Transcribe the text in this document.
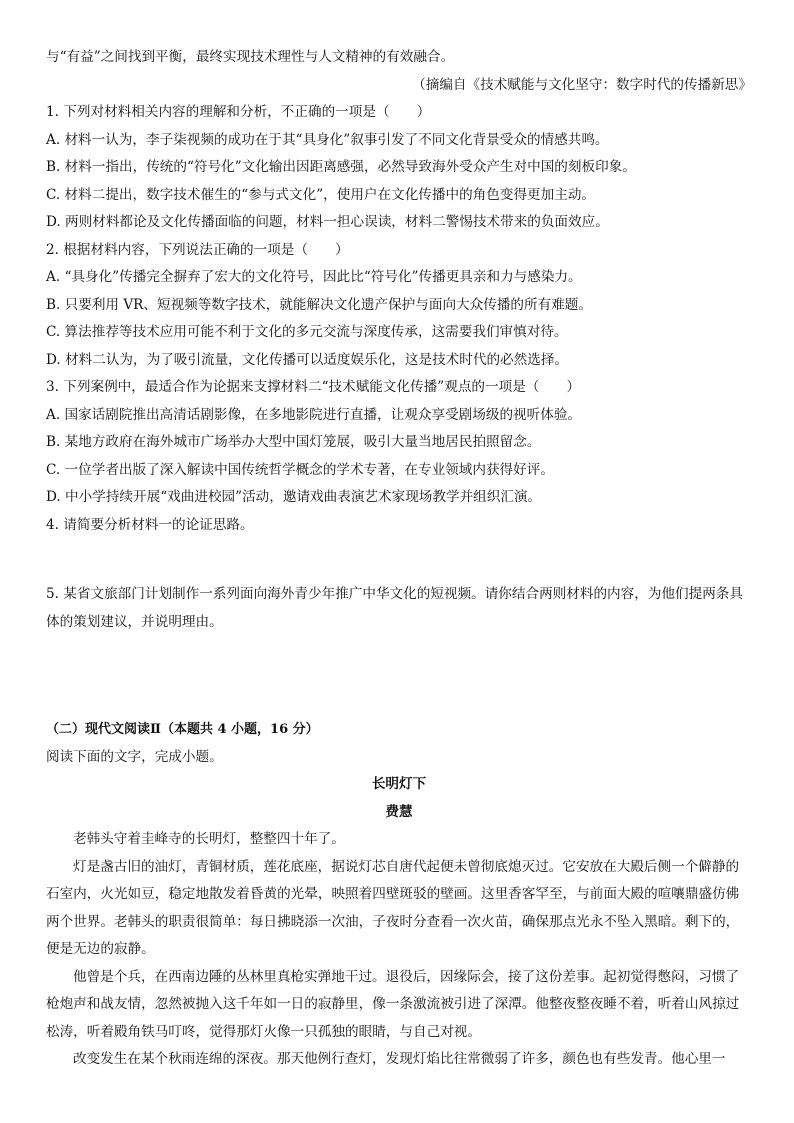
与“有益”之间找到平衡，最终实现技术理性与人文精神的有效融合。
（摘编自《技术赋能与文化坚守：数字时代的传播新思》
1. 下列对材料相关内容的理解和分析，不正确的一项是（　　）
A. 材料一认为，李子柒视频的成功在于其“具身化”叙事引发了不同文化背景受众的情感共鸣。
B. 材料一指出，传统的“符号化”文化输出因距离感强，必然导致海外受众产生对中国的刻板印象。
C. 材料二提出，数字技术催生的“参与式文化”，使用户在文化传播中的角色变得更加主动。
D. 两则材料都论及文化传播面临的问题，材料一担心误读，材料二警惕技术带来的负面效应。
2. 根据材料内容，下列说法正确的一项是（　　）
A. “具身化”传播完全摒弃了宏大的文化符号，因此比“符号化”传播更具亲和力与感染力。
B. 只要利用 VR、短视频等数字技术，就能解决文化遗产保护与面向大众传播的所有难题。
C. 算法推荐等技术应用可能不利于文化的多元交流与深度传承，这需要我们审慎对待。
D. 材料二认为，为了吸引流量，文化传播可以适度娱乐化，这是技术时代的必然选择。
3. 下列案例中，最适合作为论据来支撑材料二“技术赋能文化传播”观点的一项是（　　）
A. 国家话剧院推出高清话剧影像，在多地影院进行直播，让观众享受剧场级的视听体验。
B. 某地方政府在海外城市广场举办大型中国灯笼展，吸引大量当地居民拍照留念。
C. 一位学者出版了深入解读中国传统哲学概念的学术专著，在专业领域内获得好评。
D. 中小学持续开展“戏曲进校园”活动，邀请戏曲表演艺术家现场教学并组织汇演。
4. 请简要分析材料一的论证思路。
5. 某省文旅部门计划制作一系列面向海外青少年推广中华文化的短视频。请你结合两则材料的内容，为他们提两条具体的策划建议，并说明理由。
（二）现代文阅读Ⅱ（本题共 4 小题，16 分）
阅读下面的文字，完成小题。
长明灯下
费慧
老韩头守着圭峰寺的长明灯，整整四十年了。
灯是盏古旧的油灯，青铜材质，莲花底座，据说灯芯自唐代起便未曾彻底熄灭过。它安放在大殿后侧一个僻静的石室内，火光如豆，稳定地散发着昏黄的光晕，映照着四壁斑驳的壁画。这里香客罕至，与前面大殿的喧嚷鼎盛仿佛两个世界。老韩头的职责很简单：每日拂晓添一次油，子夜时分查看一次火苗，确保那点光永不坠入黑暗。剩下的，便是无边的寂静。
他曾是个兵，在西南边陲的丛林里真枪实弹地干过。退役后，因缘际会，接了这份差事。起初觉得憋闷，习惯了枪炮声和战友情，忽然被抛入这千年如一日的寂静里，像一条激流被引进了深潭。他整夜整夜睡不着，听着山风掠过松涛，听着殿角铁马叮咚，觉得那灯火像一只孤独的眼睛，与自己对视。
改变发生在某个秋雨连绵的深夜。那天他例行查灯，发现灯焰比往常微弱了许多，颜色也有些发青。他心里一
